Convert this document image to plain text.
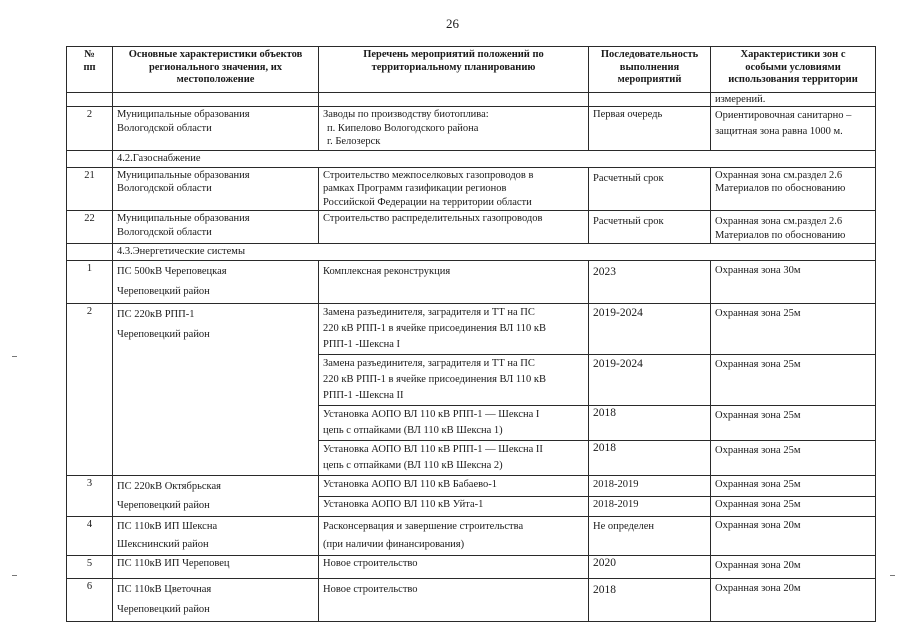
26
№
пп	Основные характеристики объектов
регионального значения, их
местоположение	Перечень мероприятий положений по
территориальному планированию	Последовательность
выполнения
мероприятий	Характеристики зон с
особыми условиями
использования территории

				измерений.
2	Муниципальные образования
Вологодской области	Заводы по производству биотоплива:
п. Кипелово Вологодского района
г. Белозерск	Первая очередь	Ориентировочная санитарно –
защитная зона равна 1000 м.

	4.2.Газоснабжение			
21	Муниципальные образования
Вологодской области	Строительство межпоселковых газопроводов в
рамках Программ газификации регионов
Российской Федерации на территории области	Расчетный срок	Охранная зона см.раздел 2.6
Материалов по обоснованию

22	Муниципальные образования
Вологодской области	Строительство распределительных газопроводов	Расчетный срок	Охранная зона см.раздел 2.6
Материалов по обоснованию

	4.3.Энергетические системы			
1	ПС 500кВ Череповецкая
Череповецкий район	Комплексная реконструкция	2023	Охранная зона 30м
2	ПС 220кВ РПП-1
Череповецкий район	Замена разъединителя, заградителя и ТТ на ПС
220 кВ РПП-1 в ячейке присоединения ВЛ 110 кВ
РПП-1 -Шексна I	2019-2024	Охранная зона 25м

		Замена разъединителя, заградителя и ТТ на ПС
220 кВ РПП-1 в ячейке присоединения ВЛ 110 кВ
РПП-1 -Шексна II	2019-2024	Охранная зона 25м

		Установка АОПО ВЛ 110 кВ РПП-1 — Шексна I
цепь с отпайками (ВЛ 110 кВ Шексна 1)	2018	Охранная зона 25м

		Установка АОПО ВЛ 110 кВ РПП-1 — Шексна II
цепь с отпайками (ВЛ 110 кВ Шексна 2)	2018	Охранная зона 25м
3	ПС 220кВ Октябрьская
Череповецкий район	Установка АОПО ВЛ 110 кВ Бабаево-1	2018-2019	Охранная зона 25м
		Установка АОПО ВЛ 110 кВ Уйта-1	2018-2019	Охранная зона 25м
4	ПС 110кВ ИП Шексна
Шекснинский район	Расконсервация и завершение строительства
(при наличии финансирования)	Не определен	Охранная зона 20м
5	ПС 110кВ ИП Череповец	Новое строительство	2020	Охранная зона 20м
6	ПС 110кВ Цветочная
Череповецкий район	Новое строительство	2018	Охранная зона 20м
